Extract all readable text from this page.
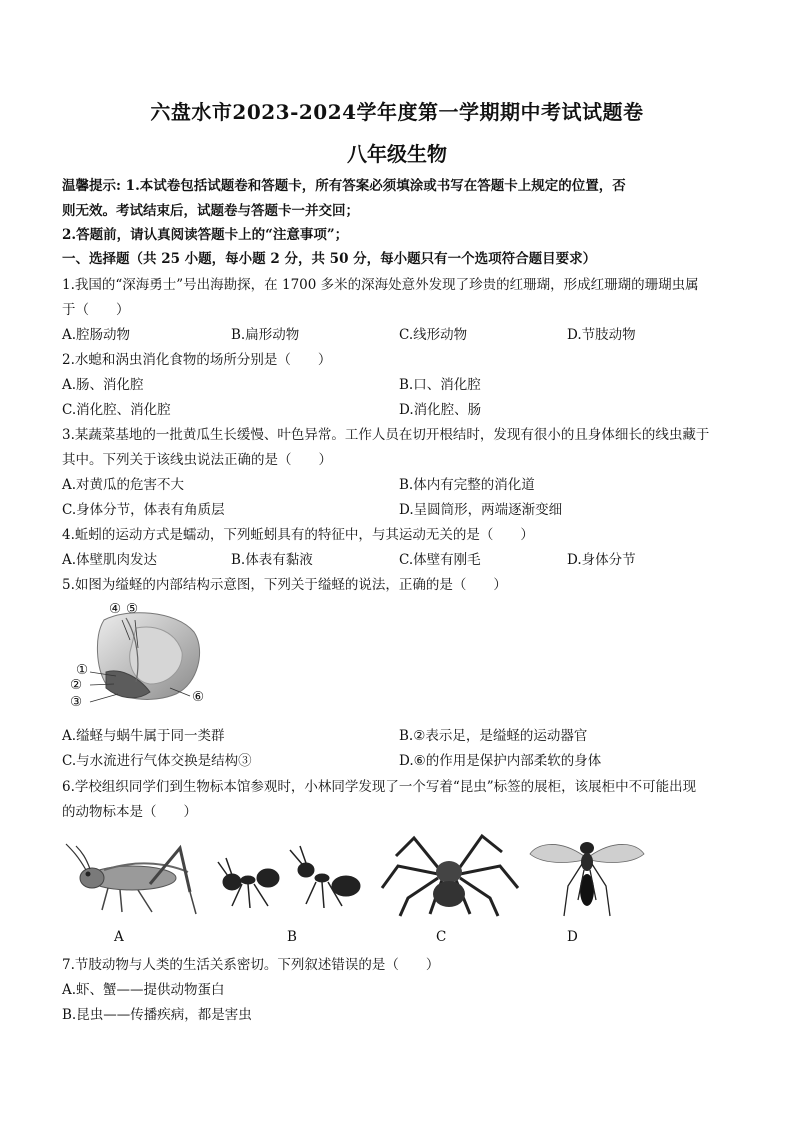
六盘水市2023-2024学年度第一学期期中考试试题卷
八年级生物
温馨提示: 1.本试卷包括试题卷和答题卡，所有答案必须填涂或书写在答题卡上规定的位置，否
则无效。考试结束后，试题卷与答题卡一并交回；
2.答题前，请认真阅读答题卡上的“注意事项”；
一、选择题（共 25 小题，每小题 2 分，共 50 分，每小题只有一个选项符合题目要求）
1.我国的“深海勇士”号出海勘探，在 1700 多米的深海处意外发现了珍贵的红珊瑚，形成红珊瑚的珊瑚虫属
于（　　）
A.腔肠动物	B.扁形动物	C.线形动物	D.节肢动物
2.水螅和涡虫消化食物的场所分别是（　　）
A.肠、消化腔	B.口、消化腔
C.消化腔、消化腔	D.消化腔、肠
3.某蔬菜基地的一批黄瓜生长缓慢、叶色异常。工作人员在切开根结时，发现有很小的且身体细长的线虫藏于
其中。下列关于该线虫说法正确的是（　　）
A.对黄瓜的危害不大	B.体内有完整的消化道
C.身体分节，体表有角质层	D.呈圆筒形，两端逐渐变细
4.蚯蚓的运动方式是蠕动，下列蚯蚓具有的特征中，与其运动无关的是（　　）
A.体壁肌肉发达	B.体表有黏液	C.体壁有刚毛	D.身体分节
5.如图为缢蛏的内部结构示意图，下列关于缢蛏的说法，正确的是（　　）
④ ⑤
①
②
③	⑥
A.缢蛏与蜗牛属于同一类群	B.②表示足，是缢蛏的运动器官
C.与水流进行气体交换是结构③	D.⑥的作用是保护内部柔软的身体
6.学校组织同学们到生物标本馆参观时，小林同学发现了一个写着“昆虫”标签的展柜，该展柜中不可能出现
的动物标本是（　　）
A	B	C	D
7.节肢动物与人类的生活关系密切。下列叙述错误的是（　　）
A.虾、蟹——提供动物蛋白
B.昆虫——传播疾病，都是害虫
